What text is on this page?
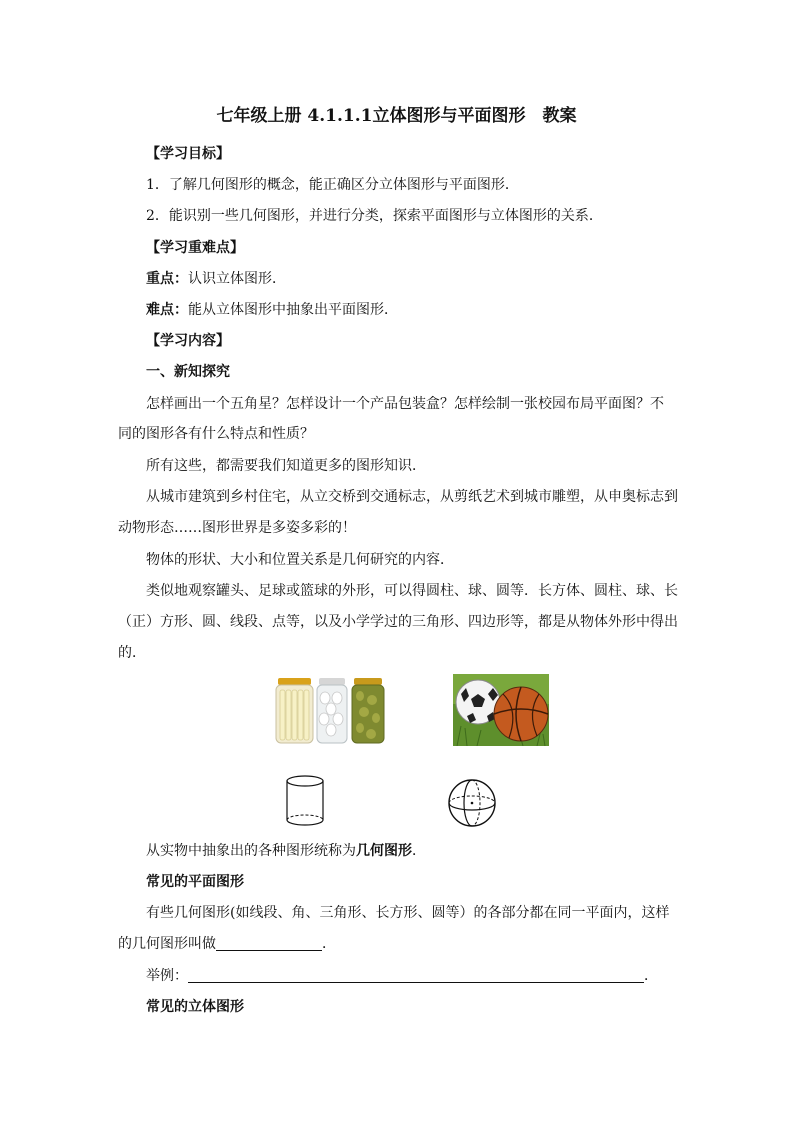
七年级上册 4.1.1.1立体图形与平面图形　教案
【学习目标】
1．了解几何图形的概念，能正确区分立体图形与平面图形．
2．能识别一些几何图形，并进行分类，探索平面图形与立体图形的关系．
【学习重难点】
重点：认识立体图形．
难点：能从立体图形中抽象出平面图形．
【学习内容】
一、新知探究
怎样画出一个五角星？怎样设计一个产品包装盒？怎样绘制一张校园布局平面图？不
同的图形各有什么特点和性质？
所有这些，都需要我们知道更多的图形知识．
从城市建筑到乡村住宅，从立交桥到交通标志，从剪纸艺术到城市雕塑，从申奥标志到
动物形态……图形世界是多姿多彩的！
物体的形状、大小和位置关系是几何研究的内容．
类似地观察罐头、足球或篮球的外形，可以得圆柱、球、圆等．长方体、圆柱、球、长
（正）方形、圆、线段、点等，以及小学学过的三角形、四边形等，都是从物体外形中得出
的．
从实物中抽象出的各种图形统称为几何图形．
常见的平面图形
有些几何图形(如线段、角、三角形、长方形、圆等）的各部分都在同一平面内，这样
的几何图形叫做	．
举例：	．
常见的立体图形
